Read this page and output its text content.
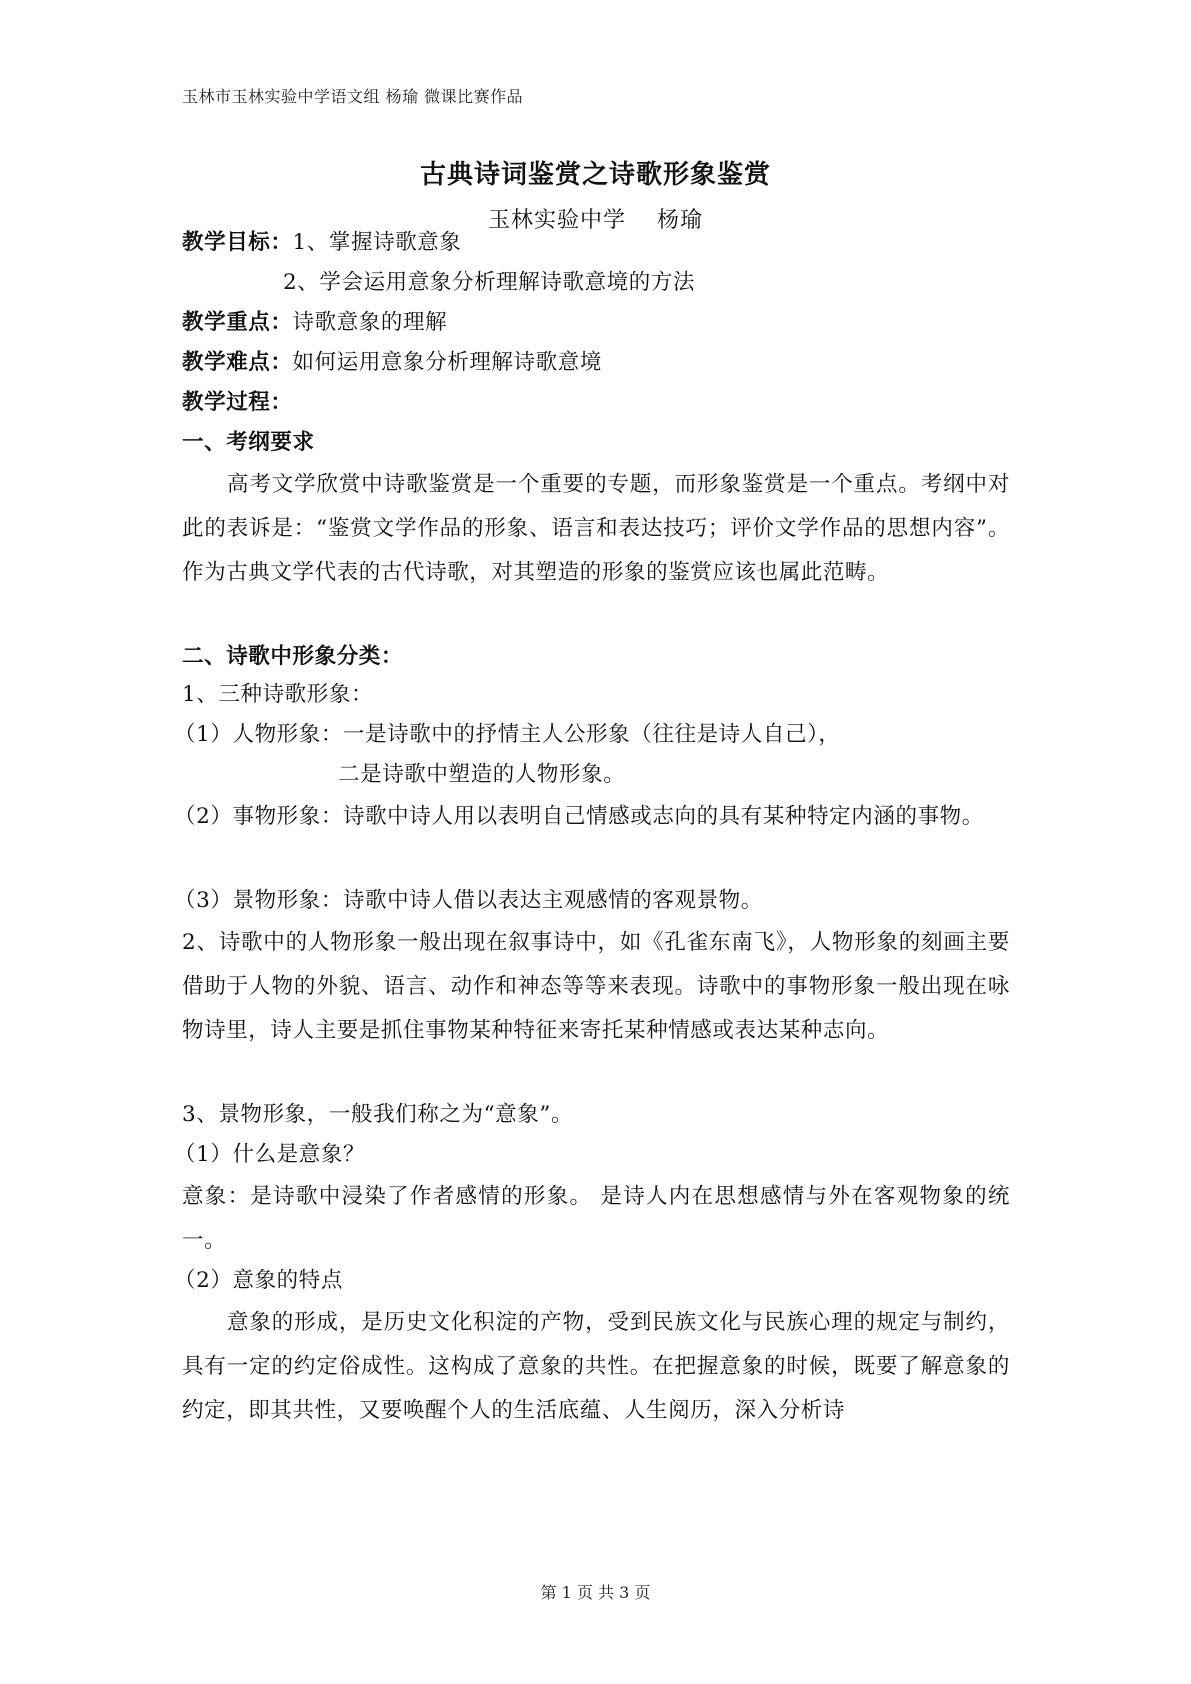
玉林市玉林实验中学语文组 杨瑜 微课比赛作品
古典诗词鉴赏之诗歌形象鉴赏
玉林实验中学　 杨瑜
教学目标：1、掌握诗歌意象
2、学会运用意象分析理解诗歌意境的方法
教学重点：诗歌意象的理解
教学难点：如何运用意象分析理解诗歌意境
教学过程：
一、考纲要求
高考文学欣赏中诗歌鉴赏是一个重要的专题，而形象鉴赏是一个重点。考纲中对此的表诉是：“鉴赏文学作品的形象、语言和表达技巧；评价文学作品的思想内容”。作为古典文学代表的古代诗歌，对其塑造的形象的鉴赏应该也属此范畴。
二、诗歌中形象分类：
1、三种诗歌形象：
（1）人物形象：一是诗歌中的抒情主人公形象（往往是诗人自己），
二是诗歌中塑造的人物形象。
（2）事物形象：诗歌中诗人用以表明自己情感或志向的具有某种特定内涵的事物。
（3）景物形象：诗歌中诗人借以表达主观感情的客观景物。
2、诗歌中的人物形象一般出现在叙事诗中，如《孔雀东南飞》，人物形象的刻画主要借助于人物的外貌、语言、动作和神态等等来表现。诗歌中的事物形象一般出现在咏物诗里，诗人主要是抓住事物某种特征来寄托某种情感或表达某种志向。
3、景物形象，一般我们称之为“意象”。
（1）什么是意象？
意象：是诗歌中浸染了作者感情的形象。 是诗人内在思想感情与外在客观物象的统一。
（2）意象的特点
意象的形成，是历史文化积淀的产物，受到民族文化与民族心理的规定与制约，具有一定的约定俗成性。这构成了意象的共性。在把握意象的时候，既要了解意象的约定，即其共性，又要唤醒个人的生活底蕴、人生阅历，深入分析诗
第 1 页 共 3 页
